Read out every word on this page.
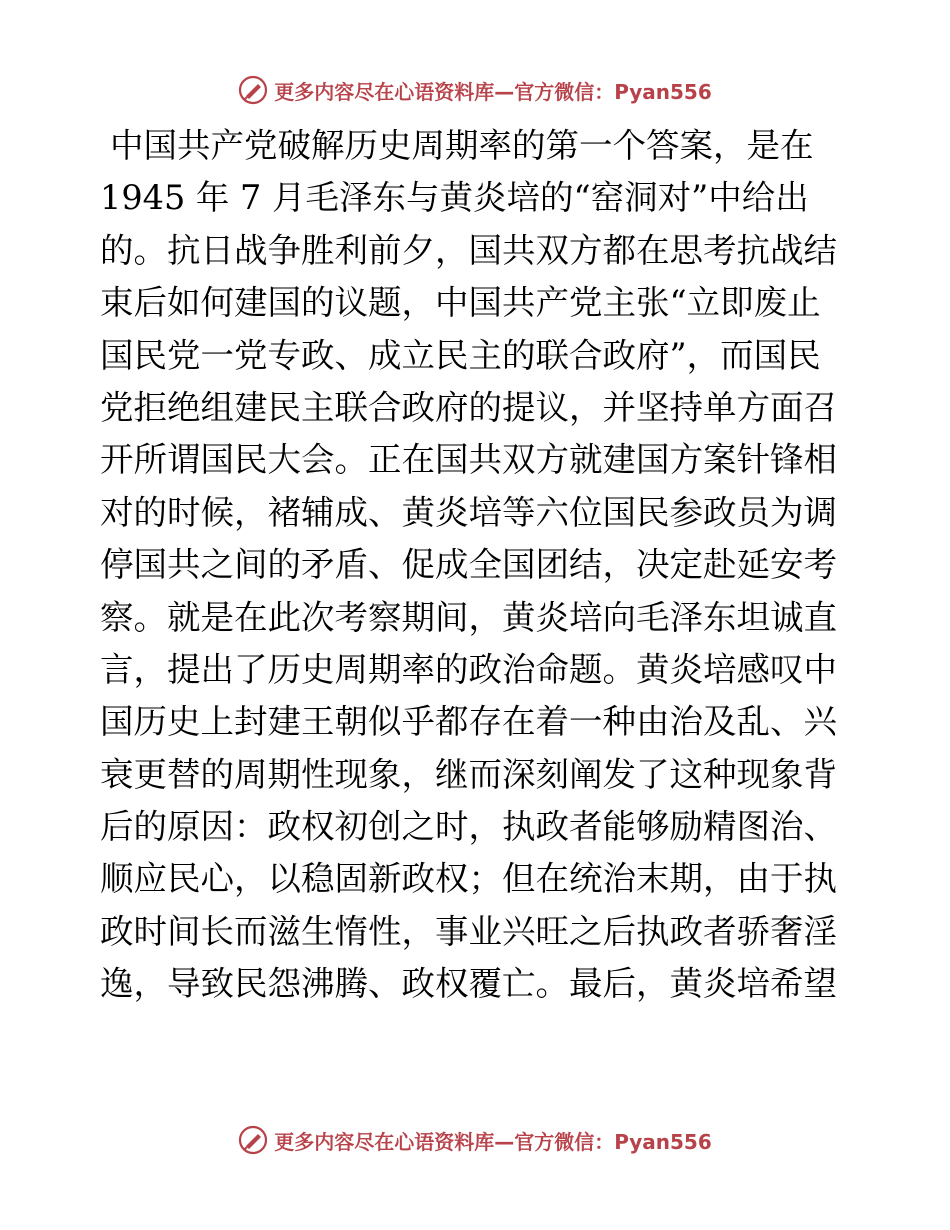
更多内容尽在心语资料库—官方微信：Pyan556
中国共产党破解历史周期率的第一个答案，是在
1945 年 7 月毛泽东与黄炎培的“窑洞对”中给出
的。抗日战争胜利前夕，国共双方都在思考抗战结
束后如何建国的议题，中国共产党主张“立即废止
国民党一党专政、成立民主的联合政府”，而国民
党拒绝组建民主联合政府的提议，并坚持单方面召
开所谓国民大会。正在国共双方就建国方案针锋相
对的时候，褚辅成、黄炎培等六位国民参政员为调
停国共之间的矛盾、促成全国团结，决定赴延安考
察。就是在此次考察期间，黄炎培向毛泽东坦诚直
言，提出了历史周期率的政治命题。黄炎培感叹中
国历史上封建王朝似乎都存在着一种由治及乱、兴
衰更替的周期性现象，继而深刻阐发了这种现象背
后的原因：政权初创之时，执政者能够励精图治、
顺应民心，以稳固新政权；但在统治末期，由于执
政时间长而滋生惰性，事业兴旺之后执政者骄奢淫
逸，导致民怨沸腾、政权覆亡。最后，黄炎培希望
更多内容尽在心语资料库—官方微信：Pyan556
